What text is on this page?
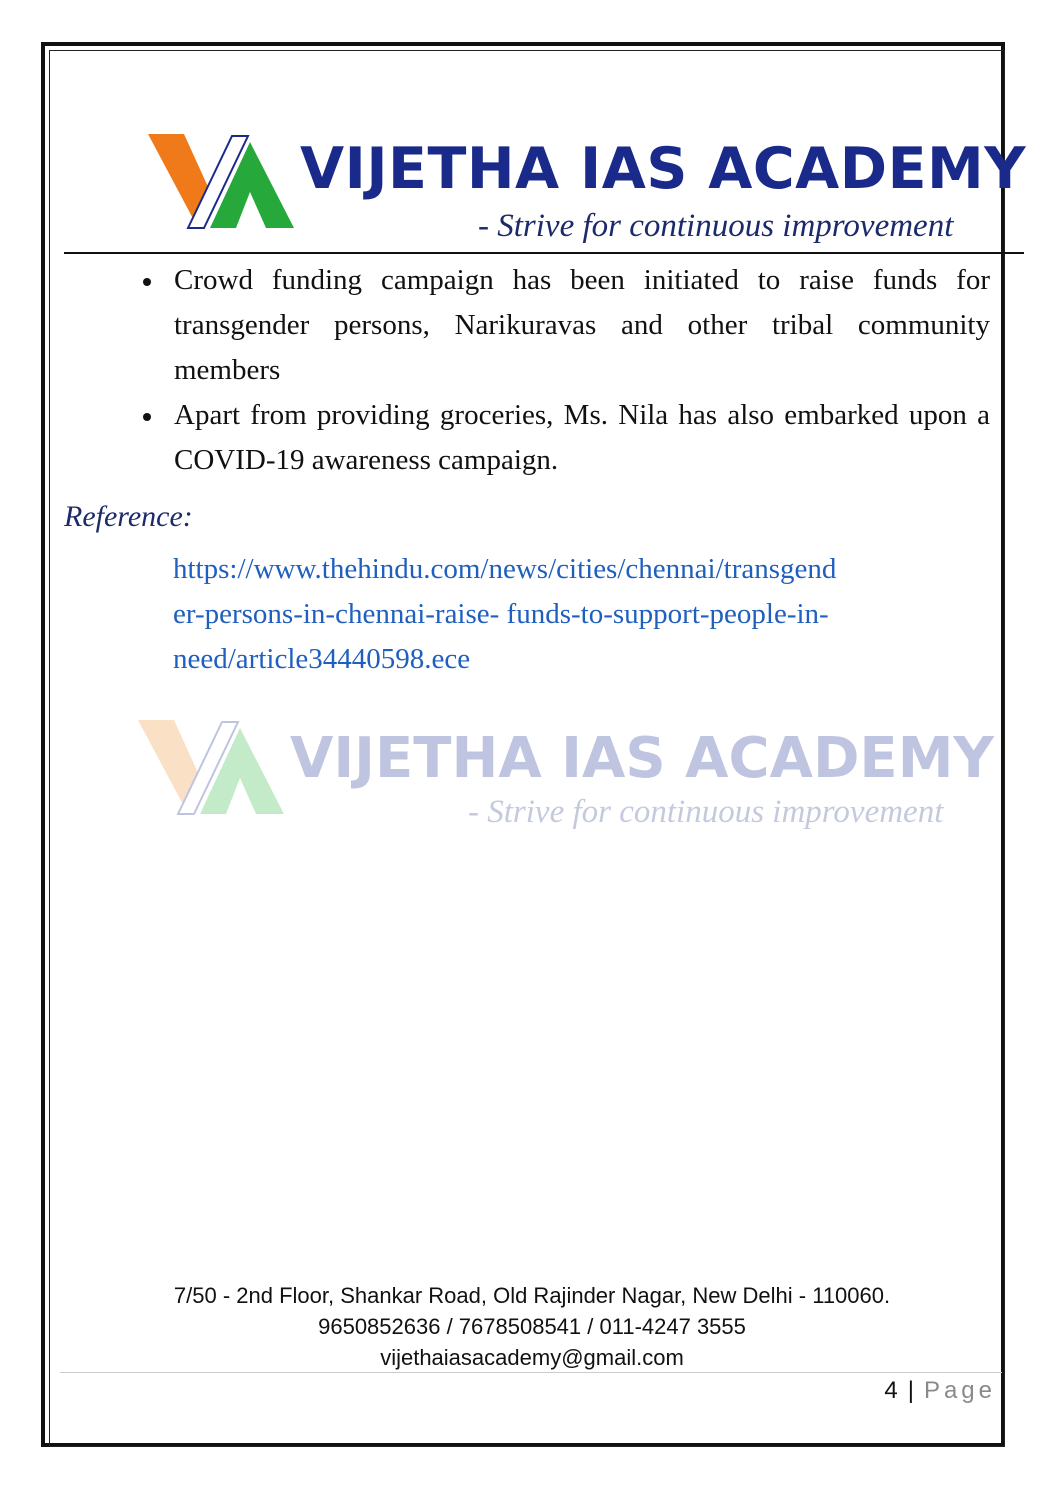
VIJETHA IAS ACADEMY
- Strive for continuous improvement
Crowd funding campaign has been initiated to raise funds for transgender persons, Narikuravas and other tribal community members
Apart from providing groceries, Ms. Nila has also embarked upon a COVID-19 awareness campaign.
Reference:
https://www.thehindu.com/news/cities/chennai/transgend
er-persons-in-chennai-raise- funds-to-support-people-in-
need/article34440598.ece
VIJETHA IAS ACADEMY
- Strive for continuous improvement
7/50 - 2nd Floor, Shankar Road, Old Rajinder Nagar, New Delhi - 110060.
9650852636 / 7678508541 / 011-4247 3555
vijethaiasacademy@gmail.com
4 | Page
